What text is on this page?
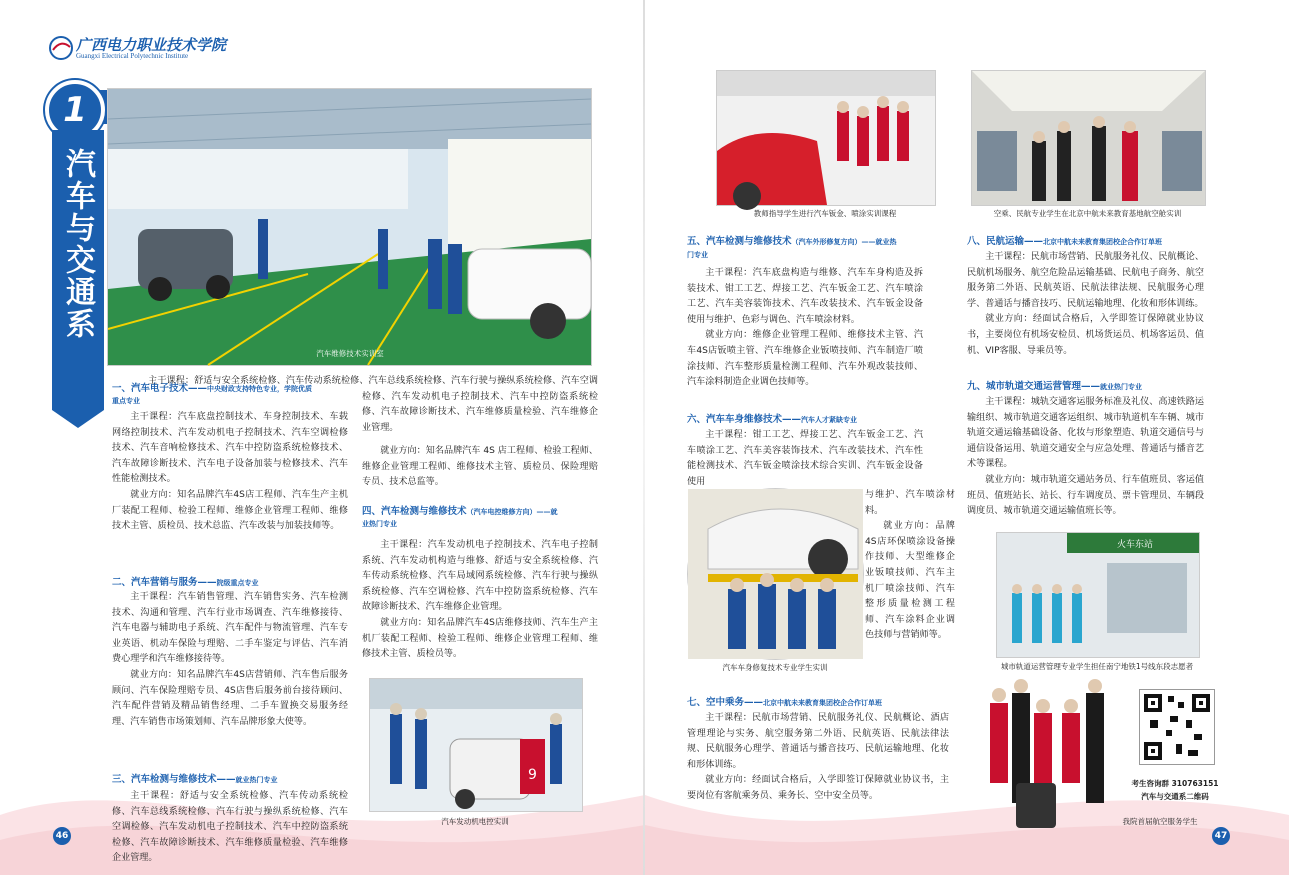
广西电力职业技术学院
Guangxi Electrical Polytechnic Institute
1
汽车与交通系
汽车维修技术实训室
一、汽车电子技术——中央财政支持特色专业，学院优质
重点专业
主干课程：汽车底盘控制技术、车身控制技术、车载网络控制技术、汽车发动机电子控制技术、汽车空调检修技术、汽车音响检修技术、汽车中控防盗系统检修技术、汽车故障诊断技术、汽车电子设备加装与检修技术、汽车性能检测技术。
就业方向：知名品牌汽车4S店工程师、汽车生产主机厂装配工程师、检验工程师、维修企业管理工程师、维修技术主管、质检员、技术总监、汽车改装与加装技师等。
二、汽车营销与服务——院级重点专业
主干课程：汽车销售管理、汽车销售实务、汽车检测技术、沟通和管理、汽车行业市场调查、汽车维修接待、汽车电器与辅助电子系统、汽车配件与物流管理、汽车专业英语、机动车保险与理赔、二手车鉴定与评估、汽车消费心理学和汽车维修接待等。
就业方向：知名品牌汽车4S店营销师、汽车售后服务顾问、汽车保险理赔专员、4S店售后服务前台接待顾问、汽车配件营销及精品销售经理、二手车置换交易服务经理、汽车销售市场策划师、汽车品牌形象大使等。
三、汽车检测与维修技术——就业热门专业
主干课程：舒适与安全系统检修、汽车传动系统检修、汽车总线系统检修、汽车行驶与操纵系统检修、汽车空调检修、汽车发动机电子控制技术、汽车中控防盗系统检修、汽车故障诊断技术、汽车维修质量检验、汽车维修企业管理。
主干课程：舒适与安全系统检修、汽车传动系统检修、汽车总线系统检修、汽车行驶与操纵系统检修、汽车空调检修、汽车发动机电子控制技术、汽车中控防盗系统检修、汽车故障诊断技术、汽车维修质量检验、汽车维修企业管理。
就业方向：知名品牌汽车 4S 店工程师、检验工程师、维修企业管理工程师、维修技术主管、质检员、保险理赔专员、技术总监等。
四、汽车检测与维修技术（汽车电控维修方向）——就
业热门专业
主干课程：汽车发动机电子控制技术、汽车电子控制系统、汽车发动机构造与维修、舒适与安全系统检修、汽车传动系统检修、汽车局域网系统检修、汽车行驶与操纵系统检修、汽车空调检修、汽车中控防盗系统检修、汽车故障诊断技术、汽车维修企业管理。
就业方向：知名品牌汽车4S店维修技师、汽车生产主机厂装配工程师、检验工程师、维修企业管理工程师、维修技术主管、质检员等。
9
汽车发动机电控实训
46
教师指导学生进行汽车钣金、喷涂实训课程	空乘、民航专业学生在北京中航未来教育基地航空舱实训
五、汽车检测与维修技术（汽车外形修复方向）——就业热
门专业
主干课程：汽车底盘构造与维修、汽车车身构造及拆装技术、钳工工艺、焊接工艺、汽车钣金工艺、汽车喷涂工艺、汽车美容装饰技术、汽车改装技术、汽车钣金设备使用与维护、色彩与调色、汽车喷涂材料。
就业方向：维修企业管理工程师、维修技术主管、汽车4S店钣喷主管、汽车维修企业钣喷技师、汽车制造厂喷涂技师、汽车整形质量检测工程师、汽车外观改装技师、汽车涂料制造企业调色技师等。
六、汽车车身维修技术——汽车人才紧缺专业
主干课程：钳工工艺、焊接工艺、汽车钣金工艺、汽车喷涂工艺、汽车美容装饰技术、汽车改装技术、汽车性能检测技术、汽车钣金喷涂技术综合实训、汽车钣金设备使用
汽车车身修复技术专业学生实训
与维护、汽车喷涂材料。
就业方向：品牌4S店环保喷涂设备操作技师、大型维修企业钣喷技师、汽车主机厂喷涂技师、汽车整形质量检测工程师、汽车涂料企业调色技师与营销师等。
七、空中乘务——北京中航未来教育集团校企合作订单班
主干课程：民航市场营销、民航服务礼仪、民航概论、酒店管理理论与实务、航空服务第二外语、民航英语、民航法律法规、民航服务心理学、普通话与播音技巧、民航运输地理、化妆和形体训练。
就业方向：经面试合格后，入学即签订保障就业协议书，主要岗位有客航乘务员、乘务长、空中安全员等。
八、民航运输——北京中航未来教育集团校企合作订单班
主干课程：民航市场营销、民航服务礼仪、民航概论、民航机场服务、航空危险品运输基础、民航电子商务、航空服务第二外语、民航英语、民航法律法规、民航服务心理学、普通话与播音技巧、民航运输地理、化妆和形体训练。
就业方向：经面试合格后，入学即签订保障就业协议书，主要岗位有机场安检员、机场货运员、机场客运员、值机、VIP客服、导乘员等。
九、城市轨道交通运营管理——就业热门专业
主干课程：城轨交通客运服务标准及礼仪、高速铁路运输组织、城市轨道交通客运组织、城市轨道机车车辆、城市轨道交通运输基础设备、化妆与形象塑造、轨道交通信号与通信设备运用、轨道交通安全与应急处理、普通话与播音艺术等课程。
就业方向：城市轨道交通站务员、行车值班员、客运值班员、值班站长、站长、行车调度员、票卡管理员、车辆段调度员、城市轨道交通运输值班长等。
火车东站
城市轨道运营管理专业学生担任南宁地铁1号线东段志愿者
我院首届航空服务学生
考生咨询群 310763151
汽车与交通系二维码
47
